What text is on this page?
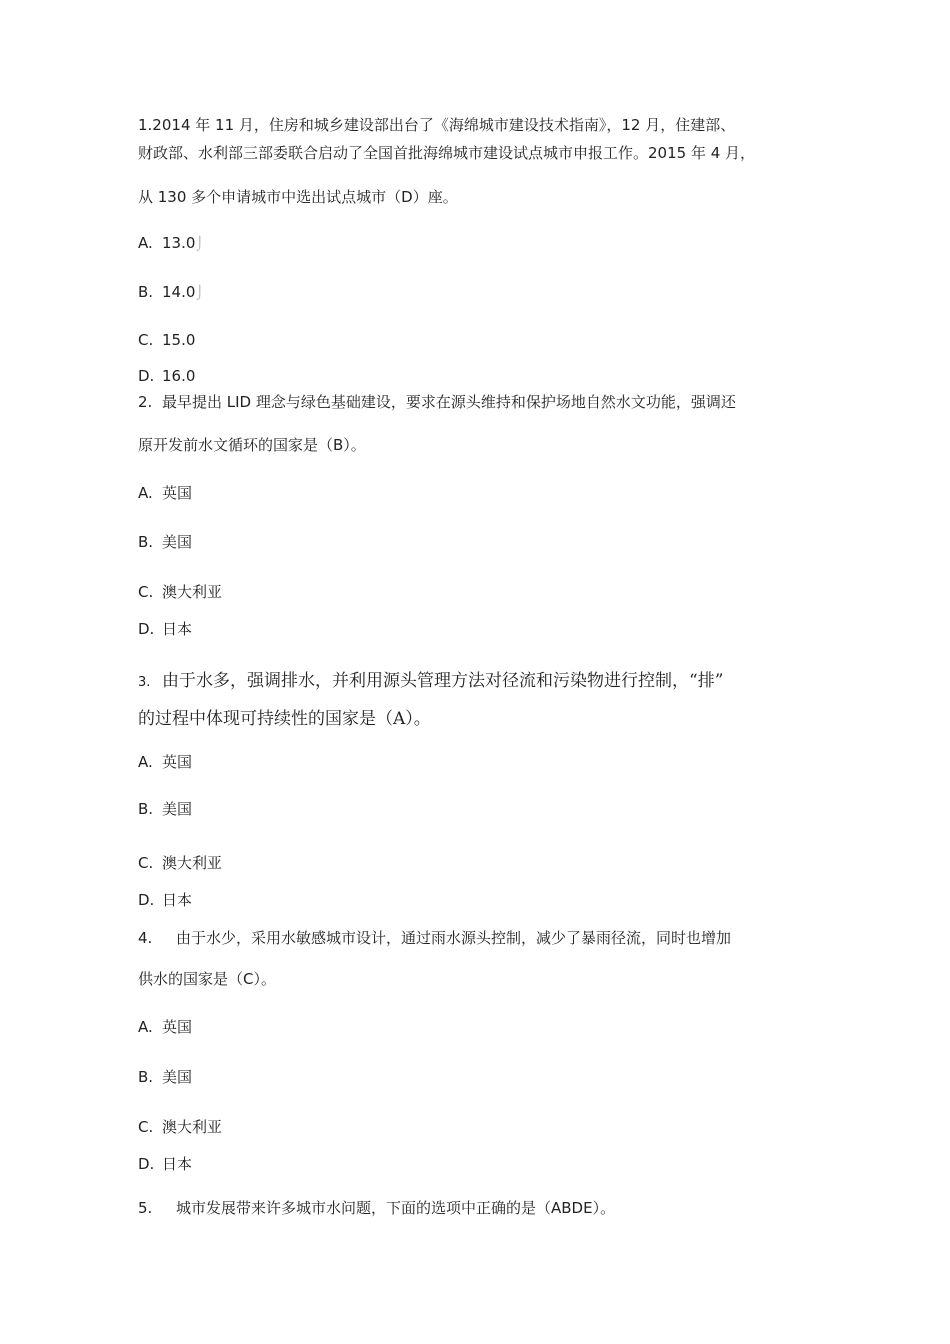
1.2014 年 11 月，住房和城乡建设部出台了《海绵城市建设技术指南》，12 月，住建部、
财政部、水利部三部委联合启动了全国首批海绵城市建设试点城市申报工作。2015 年 4 月，
从 130 多个申请城市中选出试点城市（D）座。
A. 13.0⌡
B. 14.0⌡
C. 15.0
D. 16.0
2. 最早提出 LID 理念与绿色基础建设，要求在源头维持和保护场地自然水文功能，强调还
原开发前水文循环的国家是（B）。
A. 英国
B. 美国
C. 澳大利亚
D. 日本
3. 由于水多，强调排水，并利用源头管理方法对径流和污染物进行控制，“排”
的过程中体现可持续性的国家是（A）。
A. 英国
B. 美国
C. 澳大利亚
D. 日本
4. 由于水少，采用水敏感城市设计，通过雨水源头控制，减少了暴雨径流，同时也增加
供水的国家是（C）。
A. 英国
B. 美国
C. 澳大利亚
D. 日本
5. 城市发展带来许多城市水问题，下面的选项中正确的是（ABDE）。
